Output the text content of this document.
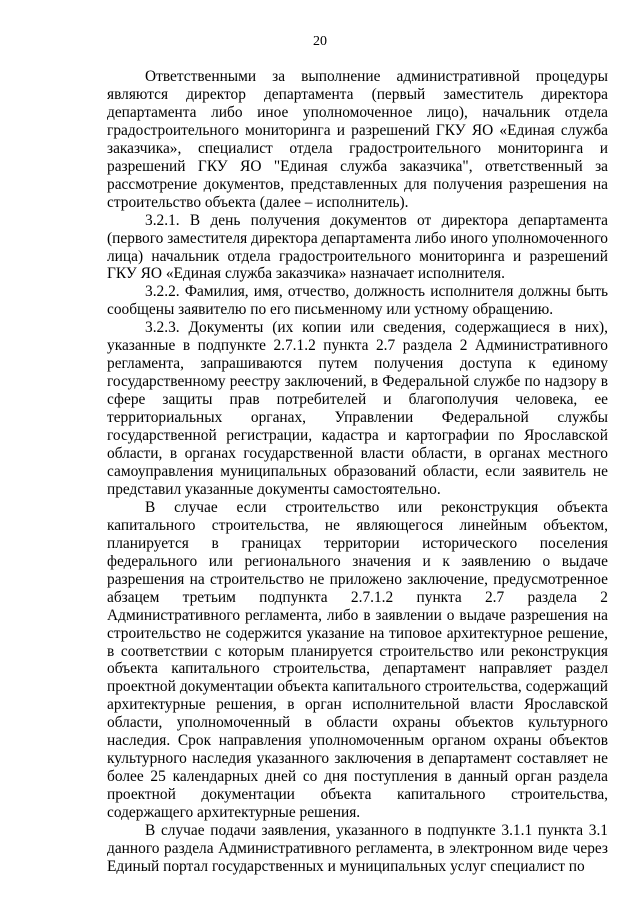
20

Ответственными за выполнение административной процедуры являются директор департамента (первый заместитель директора департамента либо иное уполномоченное лицо), начальник отдела градостроительного мониторинга и разрешений ГКУ ЯО «Единая служба заказчика», специалист отдела градостроительного мониторинга и разрешений ГКУ ЯО "Единая служба заказчика", ответственный за рассмотрение документов, представленных для получения разрешения на строительство объекта (далее – исполнитель).

3.2.1. В день получения документов от директора департамента (первого заместителя директора департамента либо иного уполномоченного лица) начальник отдела градостроительного мониторинга и разрешений ГКУ ЯО «Единая служба заказчика» назначает исполнителя.

3.2.2. Фамилия, имя, отчество, должность исполнителя должны быть сообщены заявителю по его письменному или устному обращению.

3.2.3. Документы (их копии или сведения, содержащиеся в них), указанные в подпункте 2.7.1.2 пункта 2.7 раздела 2 Административного регламента, запрашиваются путем получения доступа к единому государственному реестру заключений, в Федеральной службе по надзору в сфере защиты прав потребителей и благополучия человека, ее территориальных органах, Управлении Федеральной службы государственной регистрации, кадастра и картографии по Ярославской области, в органах государственной власти области, в органах местного самоуправления муниципальных образований области, если заявитель не представил указанные документы самостоятельно.

В случае если строительство или реконструкция объекта капитального строительства, не являющегося линейным объектом, планируется в границах территории исторического поселения федерального или регионального значения и к заявлению о выдаче разрешения на строительство не приложено заключение, предусмотренное абзацем третьим подпункта 2.7.1.2 пункта 2.7 раздела 2 Административного регламента, либо в заявлении о выдаче разрешения на строительство не содержится указание на типовое архитектурное решение, в соответствии с которым планируется строительство или реконструкция объекта капитального строительства, департамент направляет раздел проектной документации объекта капитального строительства, содержащий архитектурные решения, в орган исполнительной власти Ярославской области, уполномоченный в области охраны объектов культурного наследия. Срок направления уполномоченным органом охраны объектов культурного наследия указанного заключения в департамент составляет не более 25 календарных дней со дня поступления в данный орган раздела проектной документации объекта капитального строительства, содержащего архитектурные решения.

В случае подачи заявления, указанного в подпункте 3.1.1 пункта 3.1 данного раздела Административного регламента, в электронном виде через Единый портал государственных и муниципальных услуг специалист по
